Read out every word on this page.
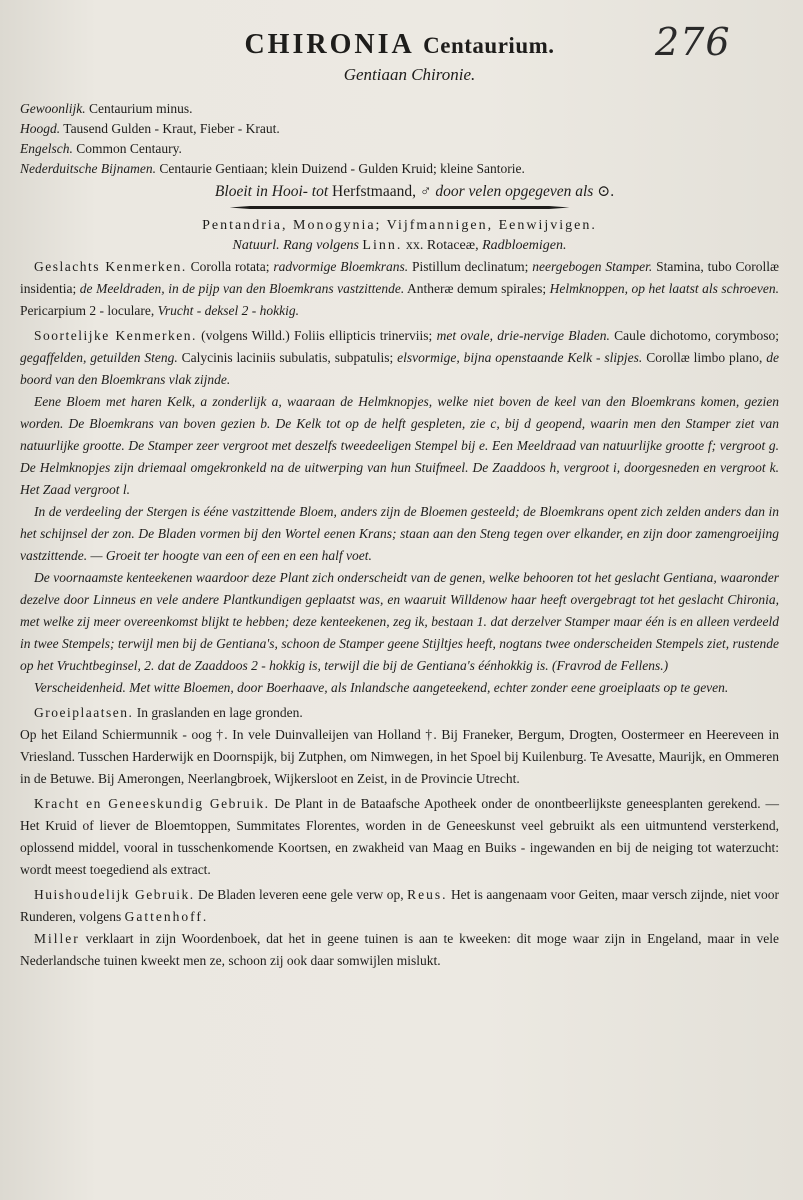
276
CHIRONIA Centaurium.

Gentiaan Chironie.

Gewoonlijk. Centaurium minus.

Hoogd. Tausend Gulden - Kraut, Fieber - Kraut.

Engelsch. Common Centaury.

Nederduitsche Bijnamen. Centaurie Gentiaan; klein Duizend - Gulden Kruid; kleine Santorie.

Bloeit in Hooi- tot Herfstmaand, ♂ door velen opgegeven als ⊙.

Pentandria, Monogynia; Vijfmannigen, Eenwijvigen.

Natuurl. Rang volgens Linn. xx. Rotaceæ, Radbloemigen.

Geslachts Kenmerken. Corolla rotata; radvormige Bloemkrans. Pistillum declinatum; neergebogen Stamper. Stamina, tubo Corollæ insidentia; de Meeldraden, in de pijp van den Bloemkrans vastzittende. Antheræ demum spirales; Helmknoppen, op het laatst als schroeven. Pericarpium 2 - loculare, Vrucht - deksel 2 - hokkig.

Soortelijke Kenmerken. (volgens Willd.) Foliis ellipticis trinerviis; met ovale, drie-nervige Bladen. Caule dichotomo, corymboso; gegaffelden, getuilden Steng. Calycinis laciniis subulatis, subpatulis; elsvormige, bijna openstaande Kelk - slipjes. Corollæ limbo plano, de boord van den Bloemkrans vlak zijnde.

Eene Bloem met haren Kelk, a zonderlijk a, waaraan de Helmknopjes, welke niet boven de keel van den Bloemkrans komen, gezien worden. De Bloemkrans van boven gezien b. De Kelk tot op de helft gespleten, zie c, bij d geopend, waarin men den Stamper ziet van natuurlijke grootte. De Stamper zeer vergroot met deszelfs tweedeeligen Stempel bij e. Een Meeldraad van natuurlijke grootte f; vergroot g. De Helmknopjes zijn driemaal omgekronkeld na de uitwerping van hun Stuifmeel. De Zaaddoos h, vergroot i, doorgesneden en vergroot k. Het Zaad vergroot l.

In de verdeeling der Stergen is ééne vastzittende Bloem, anders zijn de Bloemen gesteeld; de Bloemkrans opent zich zelden anders dan in het schijnsel der zon. De Bladen vormen bij den Wortel eenen Krans; staan aan den Steng tegen over elkander, en zijn door zamengroeijing vastzittende. — Groeit ter hoogte van een of een en een half voet.

De voornaamste kenteekenen waardoor deze Plant zich onderscheidt van de genen, welke behooren tot het geslacht Gentiana, waaronder dezelve door Linneus en vele andere Plantkundigen geplaatst was, en waaruit Willdenow haar heeft overgebragt tot het geslacht Chironia, met welke zij meer overeenkomst blijkt te hebben; deze kenteekenen, zeg ik, bestaan 1. dat derzelver Stamper maar één is en alleen verdeeld in twee Stempels; terwijl men bij de Gentiana's, schoon de Stamper geene Stijltjes heeft, nogtans twee onderscheiden Stempels ziet, rustende op het Vruchtbeginsel, 2. dat de Zaaddoos 2 - hokkig is, terwijl die bij de Gentiana's éénhokkig is. (Fravrod de Fellens.)

Verscheidenheid. Met witte Bloemen, door Boerhaave, als Inlandsche aangeteekend, echter zonder eene groeiplaats op te geven.

Groeiplaatsen. In graslanden en lage gronden.

Op het Eiland Schiermunnik - oog †. In vele Duinvalleijen van Holland †. Bij Franeker, Bergum, Drogten, Oostermeer en Heereveen in Vriesland. Tusschen Harderwijk en Doornspijk, bij Zutphen, om Nimwegen, in het Spoel bij Kuilenburg. Te Avesatte, Maurijk, en Ommeren in de Betuwe. Bij Amerongen, Neerlangbroek, Wijkersloot en Zeist, in de Provincie Utrecht.

Kracht en Geneeskundig Gebruik. De Plant in de Bataafsche Apotheek onder de onontbeerlijkste geneesplanten gerekend. — Het Kruid of liever de Bloemtoppen, Summitates Florentes, worden in de Geneeskunst veel gebruikt als een uitmuntend versterkend, oplossend middel, vooral in tusschenkomende Koortsen, en zwakheid van Maag en Buiks - ingewanden en bij de neiging tot waterzucht: wordt meest toegediend als extract.

Huishoudelijk Gebruik. De Bladen leveren eene gele verw op, Reus. Het is aangenaam voor Geiten, maar versch zijnde, niet voor Runderen, volgens Gattenhoff.

Miller verklaart in zijn Woordenboek, dat het in geene tuinen is aan te kweeken: dit moge waar zijn in Engeland, maar in vele Nederlandsche tuinen kweekt men ze, schoon zij ook daar somwijlen mislukt.
